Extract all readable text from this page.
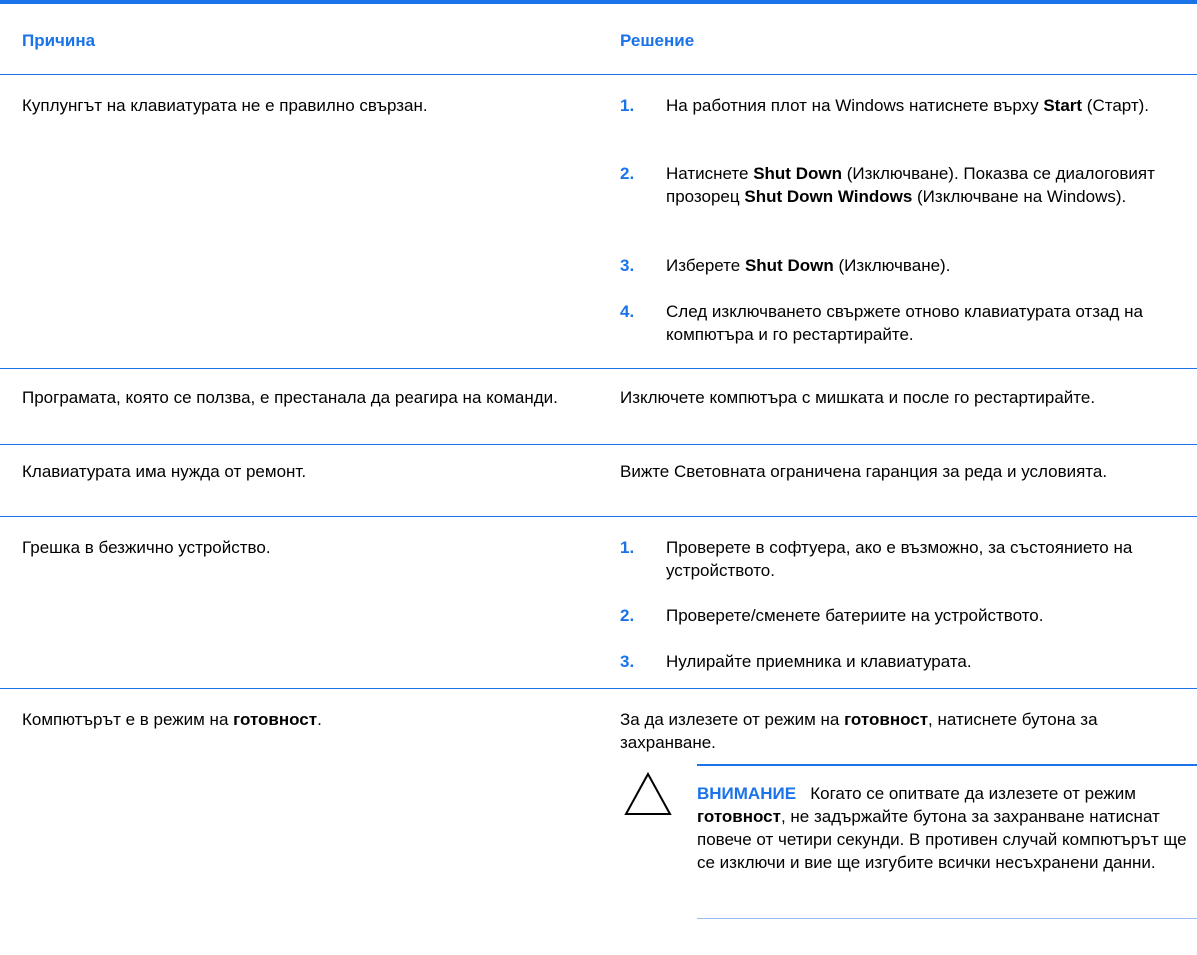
Причина	Решение
Куплунгът на клавиатурата не е правилно свързан.	1. На работния плот на Windows натиснете върху Start (Старт).
2. Натиснете Shut Down (Изключване). Показва се диалоговият прозорец Shut Down Windows (Изключване на Windows).
3. Изберете Shut Down (Изключване).
4. След изключването свържете отново клавиатурата отзад на компютъра и го рестартирайте.
Програмата, която се ползва, е престанала да реагира на команди.	Изключете компютъра с мишката и после го рестартирайте.
Клавиатурата има нужда от ремонт.	Вижте Световната ограничена гаранция за реда и условията.
Грешка в безжично устройство.	1. Проверете в софтуера, ако е възможно, за състоянието на устройството.
2. Проверете/сменете батериите на устройството.
3. Нулирайте приемника и клавиатурата.
Компютърът е в режим на готовност.	За да излезете от режим на готовност, натиснете бутона за захранване.
ВНИМАНИЕ Когато се опитвате да излезете от режим готовност, не задържайте бутона за захранване натиснат повече от четири секунди. В противен случай компютърът ще се изключи и вие ще изгубите всички несъхранени данни.
